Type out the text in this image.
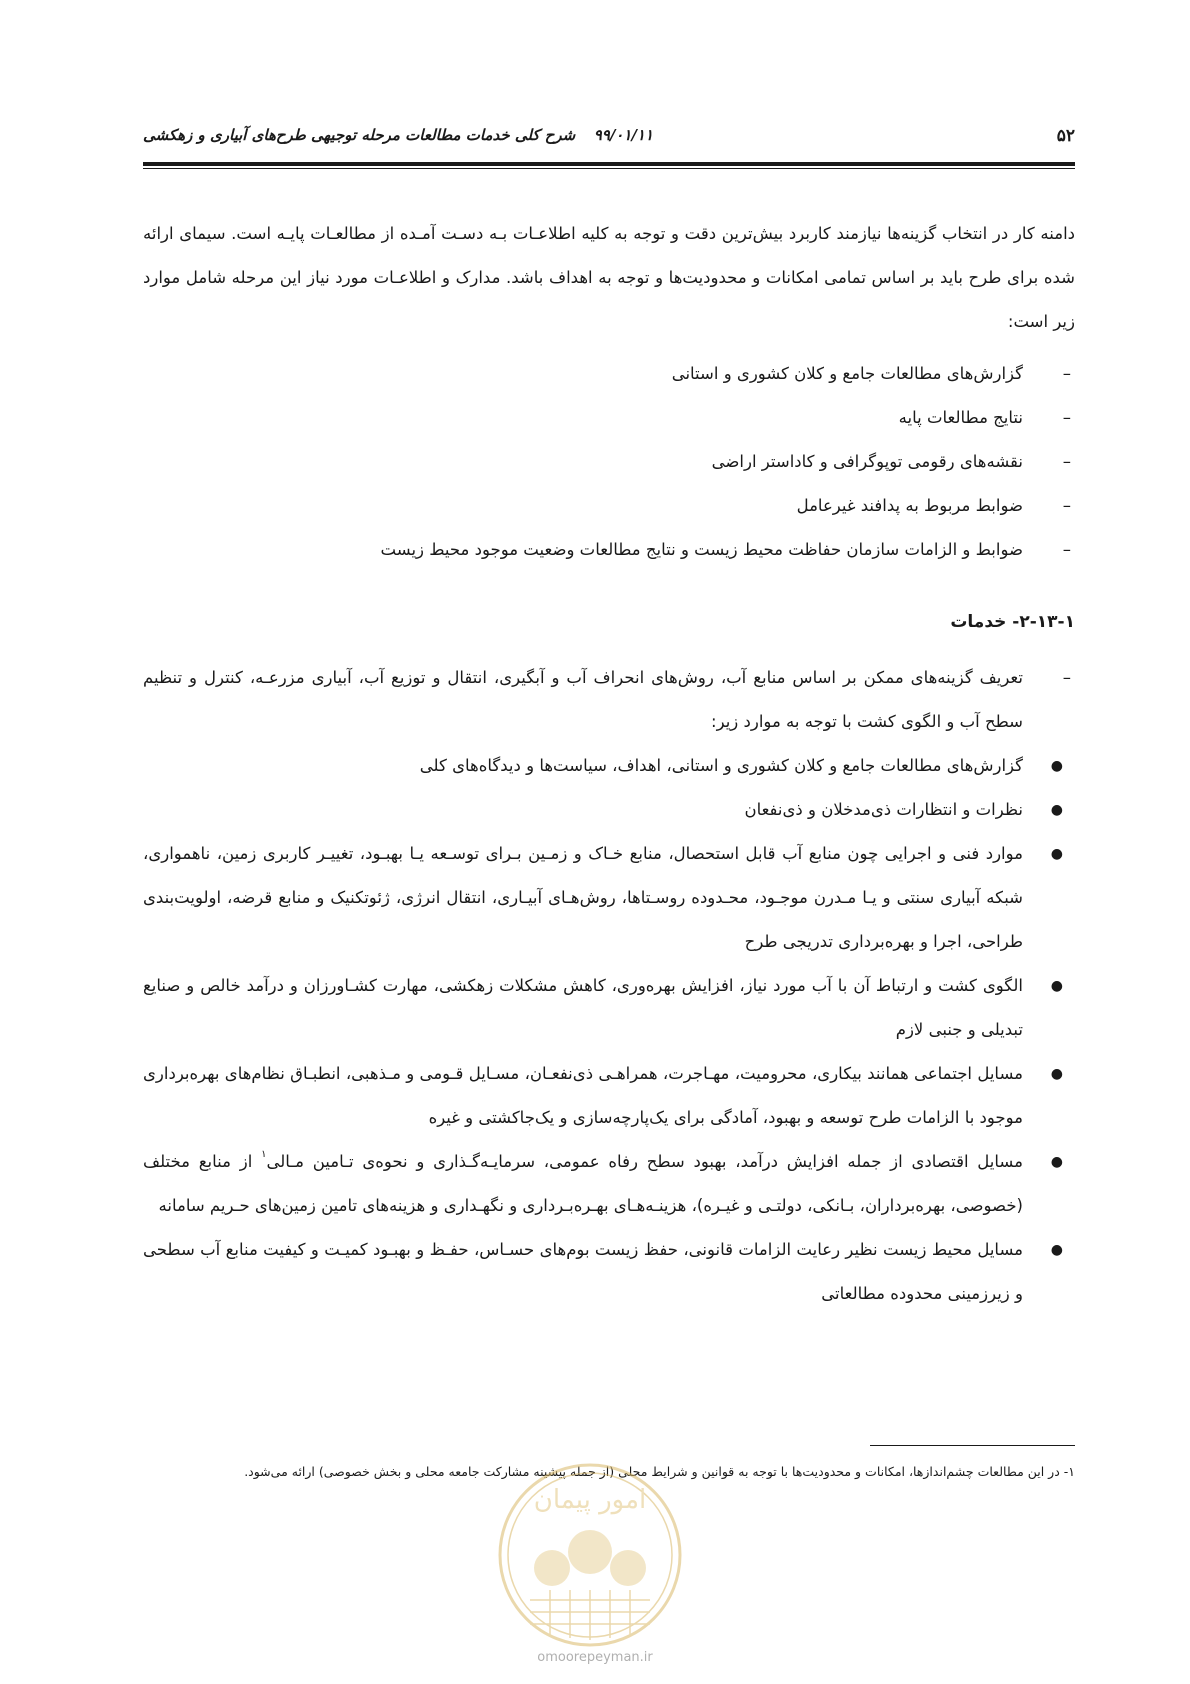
۵۲
۹۹/۰۱/۱۱  شرح کلی خدمات مطالعات مرحله توجیهی طرح‌های آبیاری و زهکشی

دامنه کار در انتخاب گزینه‌ها نیازمند کاربرد بیش‌ترین دقت و توجه به کلیه اطلاعـات بـه دسـت آمـده از مطالعـات پایـه است. سیمای ارائه شده برای طرح باید بر اساس تمامی امکانات و محدودیت‌ها و توجه به اهداف باشد. مدارک و اطلاعـات مورد نیاز این مرحله شامل موارد زیر است:

–
گزارش‌های مطالعات جامع و کلان کشوری و استانی
–
نتایج مطالعات پایه
–
نقشه‌های رقومی توپوگرافی و کاداستر اراضی
–
ضوابط مربوط به پدافند غیرعامل
–
ضوابط و الزامات سازمان حفاظت محیط زیست و نتایج مطالعات وضعیت موجود محیط زیست
۲-۱۳-۱- خدمات
–
تعریف گزینه‌های ممکن بر اساس منابع آب، روش‌های انحراف آب و آبگیری، انتقال و توزیع آب، آبیاری مزرعـه، کنترل و تنظیم سطح آب و الگوی کشت با توجه به موارد زیر:
●
گزارش‌های مطالعات جامع و کلان کشوری و استانی، اهداف، سیاست‌ها و دیدگاه‌های کلی
●
نظرات و انتظارات ذی‌مدخلان و ذی‌نفعان
●
موارد فنی و اجرایی چون منابع آب قابل استحصال، منابع خـاک و زمـین بـرای توسـعه یـا بهبـود، تغییـر کاربری زمین، ناهمواری، شبکه آبیاری سنتی و یـا مـدرن موجـود، محـدوده روسـتاها، روش‌هـای آبیـاری، انتقال انرژی، ژئوتکنیک و منابع قرضه، اولویت‌بندی طراحی، اجرا و بهره‌برداری تدریجی طرح
●
الگوی کشت و ارتباط آن با آب مورد نیاز، افزایش بهره‌وری، کاهش مشکلات زهکشی، مهارت کشـاورزان و درآمد خالص و صنایع تبدیلی و جنبی لازم
●
مسایل اجتماعی همانند بیکاری، محرومیت، مهـاجرت، همراهـی ذی‌نفعـان، مسـایل قـومی و مـذهبی، انطبـاق نظام‌های بهره‌برداری موجود با الزامات طرح توسعه و بهبود، آمادگی برای یک‌پارچه‌سازی و یک‌جاکشتی و غیره
●
مسایل اقتصادی از جمله افزایش درآمد، بهبود سطح رفاه عمومی، سرمایـه‌گـذاری و نحوه‌ی تـامین مـالی$^۱$ از منابع مختلف (خصوصی، بهره‌برداران، بـانکی، دولتـی و غیـره)، هزینـه‌هـای بهـره‌بـرداری و نگهـداری و هزینه‌های تامین زمین‌های حـریم سامانه
●
مسایل محیط زیست نظیر رعایت الزامات قانونی، حفظ زیست بوم‌های حسـاس، حفـظ و بهبـود کمیـت و کیفیت منابع آب سطحی و زیرزمینی محدوده مطالعاتی
۱- در این مطالعات چشم‌اندازها، امکانات و محدودیت‌ها با توجه به قوانین و شرایط محلی (از جمله پیشینه مشارکت جامعه محلی و بخش خصوصی) ارائه می‌شود.
امور پیمان
omoorepeyman.ir
